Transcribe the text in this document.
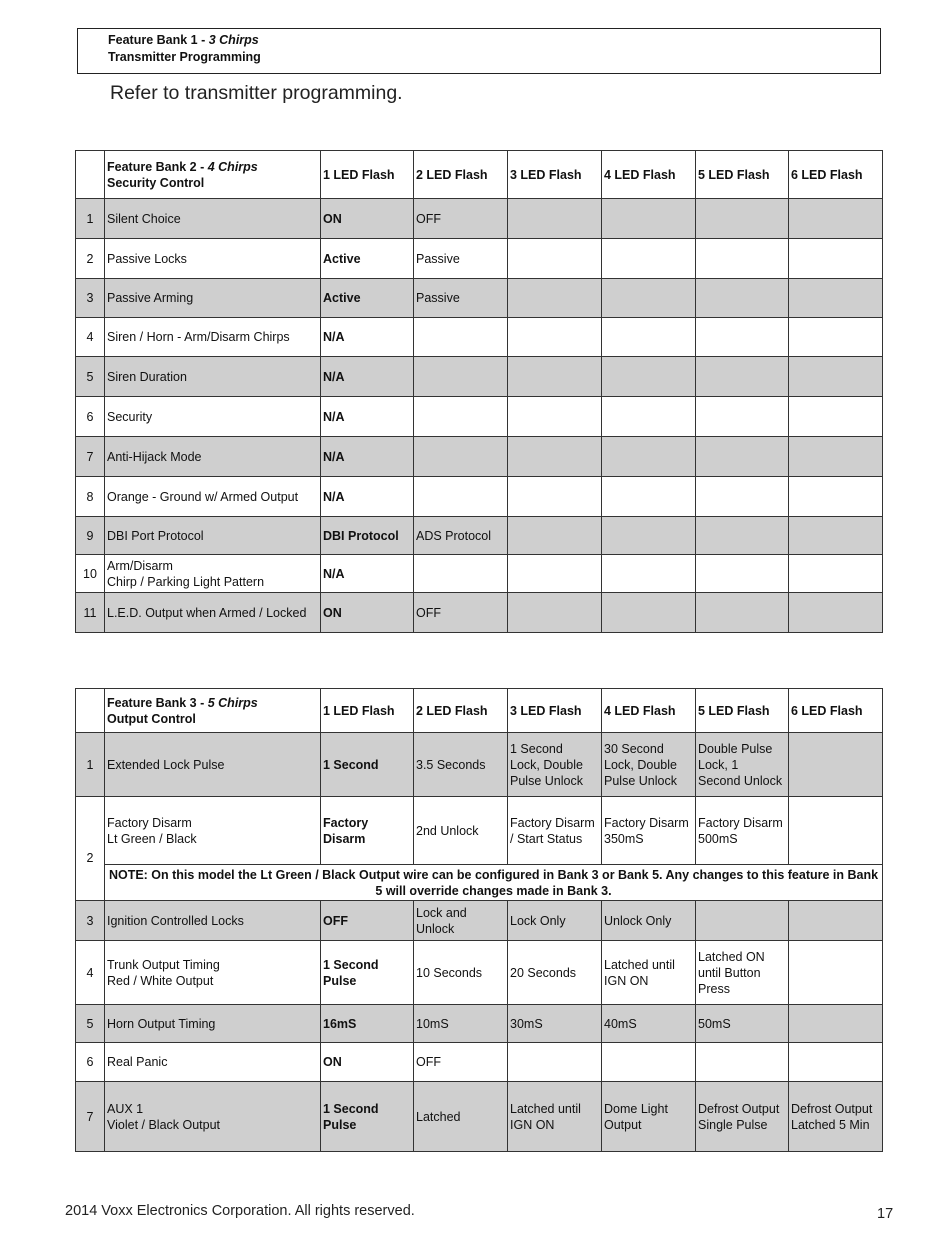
Feature Bank 1 - 3 Chirps
Transmitter Programming
Refer to transmitter programming.

	Feature Bank 2 - 4 Chirps
Security Control	1 LED Flash	2 LED Flash	3 LED Flash	4 LED Flash	5 LED Flash	6 LED Flash
1	Silent Choice	ON	OFF				
2	Passive Locks	Active	Passive				
3	Passive Arming	Active	Passive				
4	Siren / Horn - Arm/Disarm Chirps	N/A					
5	Siren Duration	N/A					
6	Security	N/A					
7	Anti-Hijack Mode	N/A					
8	Orange - Ground w/ Armed Output	N/A					
9	DBI Port Protocol	DBI Protocol	ADS Protocol				
10	Arm/Disarm
Chirp / Parking Light Pattern	N/A					
11	L.E.D. Output when Armed / Locked	ON	OFF				

	Feature Bank 3 - 5 Chirps
Output Control	1 LED Flash	2 LED Flash	3 LED Flash	4 LED Flash	5 LED Flash	6 LED Flash
1	Extended Lock Pulse	1 Second	3.5 Seconds	1 Second
Lock, Double
Pulse Unlock	30 Second
Lock, Double
Pulse Unlock	Double Pulse
Lock, 1
Second Unlock	
2	Factory Disarm
Lt Green / Black	Factory
Disarm	2nd Unlock	Factory Disarm
/ Start Status	Factory Disarm
350mS	Factory Disarm
500mS	
	NOTE: On this model the Lt Green / Black Output wire can be configured in Bank 3 or Bank 5. Any changes to this feature in Bank 5 will override changes made in Bank 3.						
3	Ignition Controlled Locks	OFF	Lock and
Unlock	Lock Only	Unlock Only		
4	Trunk Output Timing
Red / White Output	1 Second
Pulse	10 Seconds	20 Seconds	Latched until
IGN ON	Latched ON
until Button
Press	
5	Horn Output Timing	16mS	10mS	30mS	40mS	50mS	
6	Real Panic	ON	OFF				
7	AUX 1
Violet / Black Output	1 Second
Pulse	Latched	Latched until
IGN ON	Dome Light
Output	Defrost Output
Single Pulse	Defrost Output
Latched 5 Min
2014 Voxx Electronics Corporation. All rights reserved.	17
